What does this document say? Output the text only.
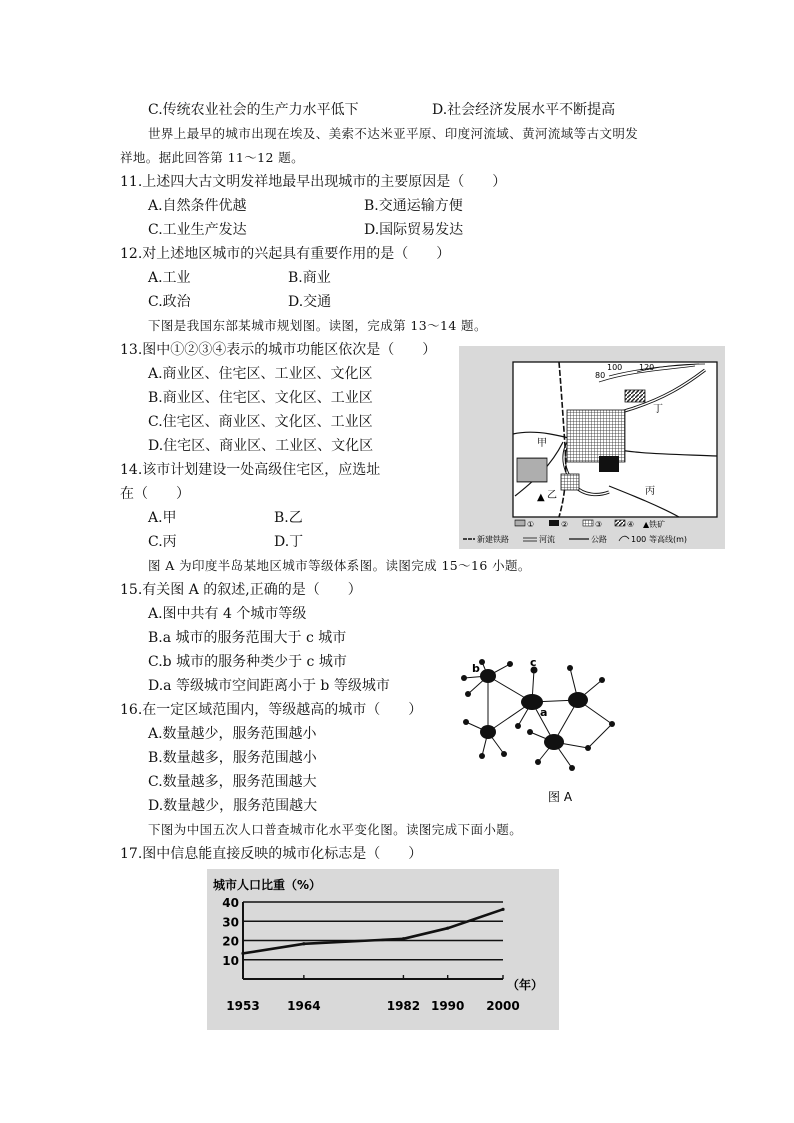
C.传统农业社会的生产力水平低下	D.社会经济发展水平不断提高
世界上最早的城市出现在埃及、美索不达米亚平原、印度河流域、黄河流域等古文明发
祥地。据此回答第 11～12 题。
11.上述四大古文明发祥地最早出现城市的主要原因是（　　）
A.自然条件优越	B.交通运输方便
C.工业生产发达	D.国际贸易发达
12.对上述地区城市的兴起具有重要作用的是（　　）
A.工业	B.商业
C.政治	D.交通
下图是我国东部某城市规划图。读图，完成第 13～14 题。
13.图中①②③④表示的城市功能区依次是（　　）
A.商业区、住宅区、工业区、文化区
B.商业区、住宅区、文化区、工业区
C.住宅区、商业区、文化区、工业区
D.住宅区、商业区、工业区、文化区
14.该市计划建设一处高级住宅区，应选址
在（　　）
A.甲	B.乙
C.丙	D.丁
图 A 为印度半岛某地区城市等级体系图。读图完成 15～16 小题。
15.有关图 A 的叙述,正确的是（　　）
A.图中共有 4 个城市等级
B.a 城市的服务范围大于 c 城市
C.b 城市的服务种类少于 c 城市
D.a 等级城市空间距离小于 b 等级城市
16.在一定区域范围内，等级越高的城市（　　）
A.数量越少，服务范围越小
B.数量越多，服务范围越小
C.数量越多，服务范围越大
D.数量越少，服务范围越大
下图为中国五次人口普查城市化水平变化图。读图完成下面小题。
17.图中信息能直接反映的城市化标志是（　　）
80
100 120
甲
乙
▲
丙
丁
①	②	③	④ ▲铁矿
新建铁路	河流	公路	100 等高线(m)
b	c
a
图 A
城市人口比重（%）
（年）
10
20
30
40
1953 1964	1982 1990 2000
